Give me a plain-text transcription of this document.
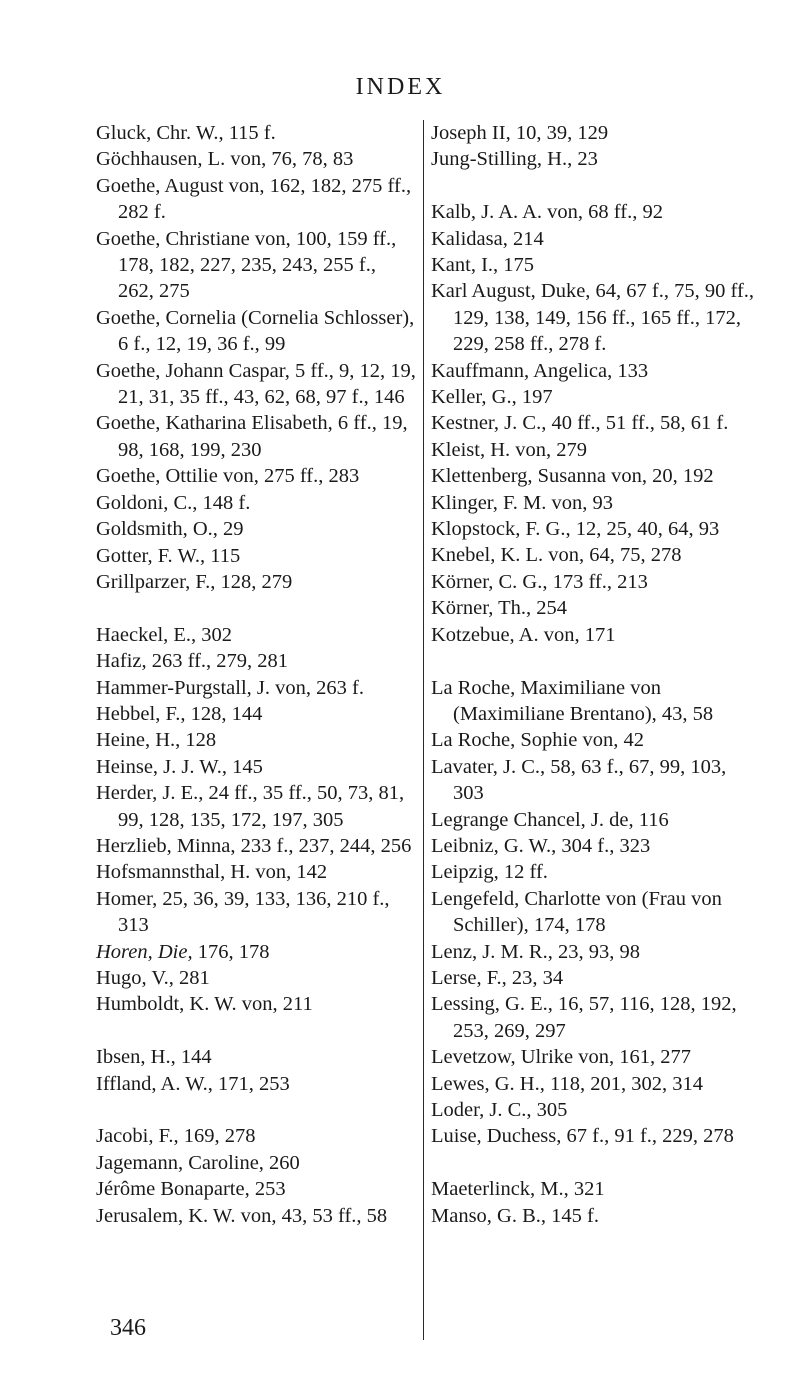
INDEX
Gluck, Chr. W., 115 f.
Göchhausen, L. von, 76, 78, 83
Goethe, August von, 162, 182, 275 ff., 282 f.
Goethe, Christiane von, 100, 159 ff., 178, 182, 227, 235, 243, 255 f., 262, 275
Goethe, Cornelia (Cornelia Schlosser), 6 f., 12, 19, 36 f., 99
Goethe, Johann Caspar, 5 ff., 9, 12, 19, 21, 31, 35 ff., 43, 62, 68, 97 f., 146
Goethe, Katharina Elisabeth, 6 ff., 19, 98, 168, 199, 230
Goethe, Ottilie von, 275 ff., 283
Goldoni, C., 148 f.
Goldsmith, O., 29
Gotter, F. W., 115
Grillparzer, F., 128, 279
Haeckel, E., 302
Hafiz, 263 ff., 279, 281
Hammer-Purgstall, J. von, 263 f.
Hebbel, F., 128, 144
Heine, H., 128
Heinse, J. J. W., 145
Herder, J. E., 24 ff., 35 ff., 50, 73, 81, 99, 128, 135, 172, 197, 305
Herzlieb, Minna, 233 f., 237, 244, 256
Hofsmannsthal, H. von, 142
Homer, 25, 36, 39, 133, 136, 210 f., 313
Horen, Die, 176, 178
Hugo, V., 281
Humboldt, K. W. von, 211
Ibsen, H., 144
Iffland, A. W., 171, 253
Jacobi, F., 169, 278
Jagemann, Caroline, 260
Jérôme Bonaparte, 253
Jerusalem, K. W. von, 43, 53 ff., 58
Joseph II, 10, 39, 129
Jung-Stilling, H., 23
Kalb, J. A. A. von, 68 ff., 92
Kalidasa, 214
Kant, I., 175
Karl August, Duke, 64, 67 f., 75, 90 ff., 129, 138, 149, 156 ff., 165 ff., 172, 229, 258 ff., 278 f.
Kauffmann, Angelica, 133
Keller, G., 197
Kestner, J. C., 40 ff., 51 ff., 58, 61 f.
Kleist, H. von, 279
Klettenberg, Susanna von, 20, 192
Klinger, F. M. von, 93
Klopstock, F. G., 12, 25, 40, 64, 93
Knebel, K. L. von, 64, 75, 278
Körner, C. G., 173 ff., 213
Körner, Th., 254
Kotzebue, A. von, 171
La Roche, Maximiliane von (Maximiliane Brentano), 43, 58
La Roche, Sophie von, 42
Lavater, J. C., 58, 63 f., 67, 99, 103, 303
Legrange Chancel, J. de, 116
Leibniz, G. W., 304 f., 323
Leipzig, 12 ff.
Lengefeld, Charlotte von (Frau von Schiller), 174, 178
Lenz, J. M. R., 23, 93, 98
Lerse, F., 23, 34
Lessing, G. E., 16, 57, 116, 128, 192, 253, 269, 297
Levetzow, Ulrike von, 161, 277
Lewes, G. H., 118, 201, 302, 314
Loder, J. C., 305
Luise, Duchess, 67 f., 91 f., 229, 278
Maeterlinck, M., 321
Manso, G. B., 145 f.
346
